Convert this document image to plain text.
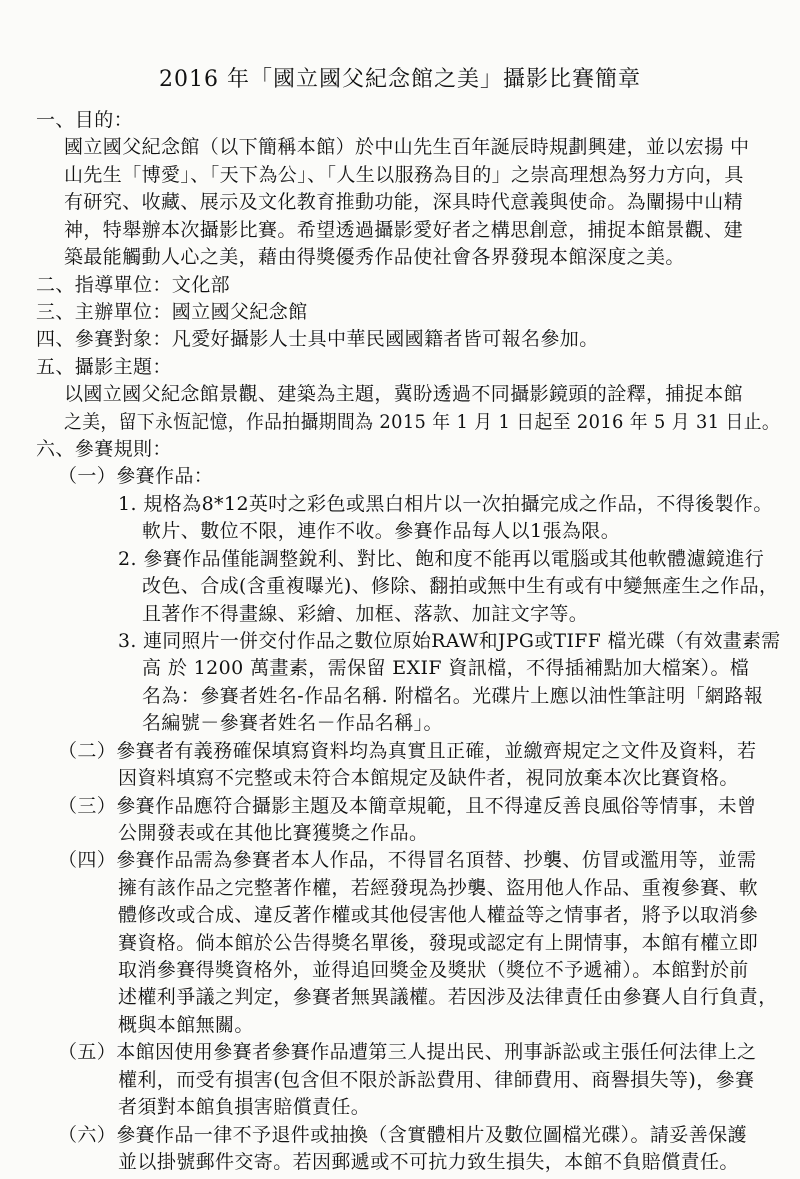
2016 年「國立國父紀念館之美」攝影比賽簡章
一、目的：
國立國父紀念館（以下簡稱本館）於中山先生百年誕辰時規劃興建，並以宏揚 中
山先生「博愛」、「天下為公」、「人生以服務為目的」之崇高理想為努力方向，具
有研究、收藏、展示及文化教育推動功能，深具時代意義與使命。為闡揚中山精
神，特舉辦本次攝影比賽。希望透過攝影愛好者之構思創意，捕捉本館景觀、建
築最能觸動人心之美，藉由得獎優秀作品使社會各界發現本館深度之美。
二、指導單位：文化部
三、主辦單位：國立國父紀念館
四、參賽對象：凡愛好攝影人士具中華民國國籍者皆可報名參加。
五、攝影主題：
以國立國父紀念館景觀、建築為主題，冀盼透過不同攝影鏡頭的詮釋，捕捉本館
之美，留下永恆記憶，作品拍攝期間為 2015 年 1 月 1 日起至 2016 年 5 月 31 日止。
六、參賽規則：
（一）參賽作品：
1. 規格為8*12英吋之彩色或黑白相片以一次拍攝完成之作品，不得後製作。
軟片、數位不限，連作不收。參賽作品每人以1張為限。
2. 參賽作品僅能調整銳利、對比、飽和度不能再以電腦或其他軟體濾鏡進行
改色、合成(含重複曝光)、修除、翻拍或無中生有或有中變無產生之作品，
且著作不得畫線、彩繪、加框、落款、加註文字等。
3. 連同照片一併交付作品之數位原始RAW和JPG或TIFF 檔光碟（有效畫素需
高 於 1200 萬畫素，需保留 EXIF 資訊檔，不得插補點加大檔案）。檔
名為：參賽者姓名-作品名稱. 附檔名。光碟片上應以油性筆註明「網路報
名編號－參賽者姓名－作品名稱」。
（二）參賽者有義務確保填寫資料均為真實且正確，並繳齊規定之文件及資料，若
因資料填寫不完整或未符合本館規定及缺件者，視同放棄本次比賽資格。
（三）參賽作品應符合攝影主題及本簡章規範，且不得違反善良風俗等情事，未曾
公開發表或在其他比賽獲獎之作品。
（四）參賽作品需為參賽者本人作品，不得冒名頂替、抄襲、仿冒或濫用等，並需
擁有該作品之完整著作權，若經發現為抄襲、盜用他人作品、重複參賽、軟
體修改或合成、違反著作權或其他侵害他人權益等之情事者，將予以取消參
賽資格。倘本館於公告得獎名單後，發現或認定有上開情事，本館有權立即
取消參賽得獎資格外，並得追回獎金及獎狀（獎位不予遞補）。本館對於前
述權利爭議之判定，參賽者無異議權。若因涉及法律責任由參賽人自行負責，
概與本館無關。
（五）本館因使用參賽者參賽作品遭第三人提出民、刑事訴訟或主張任何法律上之
權利，而受有損害(包含但不限於訴訟費用、律師費用、商譽損失等)，參賽
者須對本館負損害賠償責任。
（六）參賽作品一律不予退件或抽換（含實體相片及數位圖檔光碟）。請妥善保護
並以掛號郵件交寄。若因郵遞或不可抗力致生損失，本館不負賠償責任。
